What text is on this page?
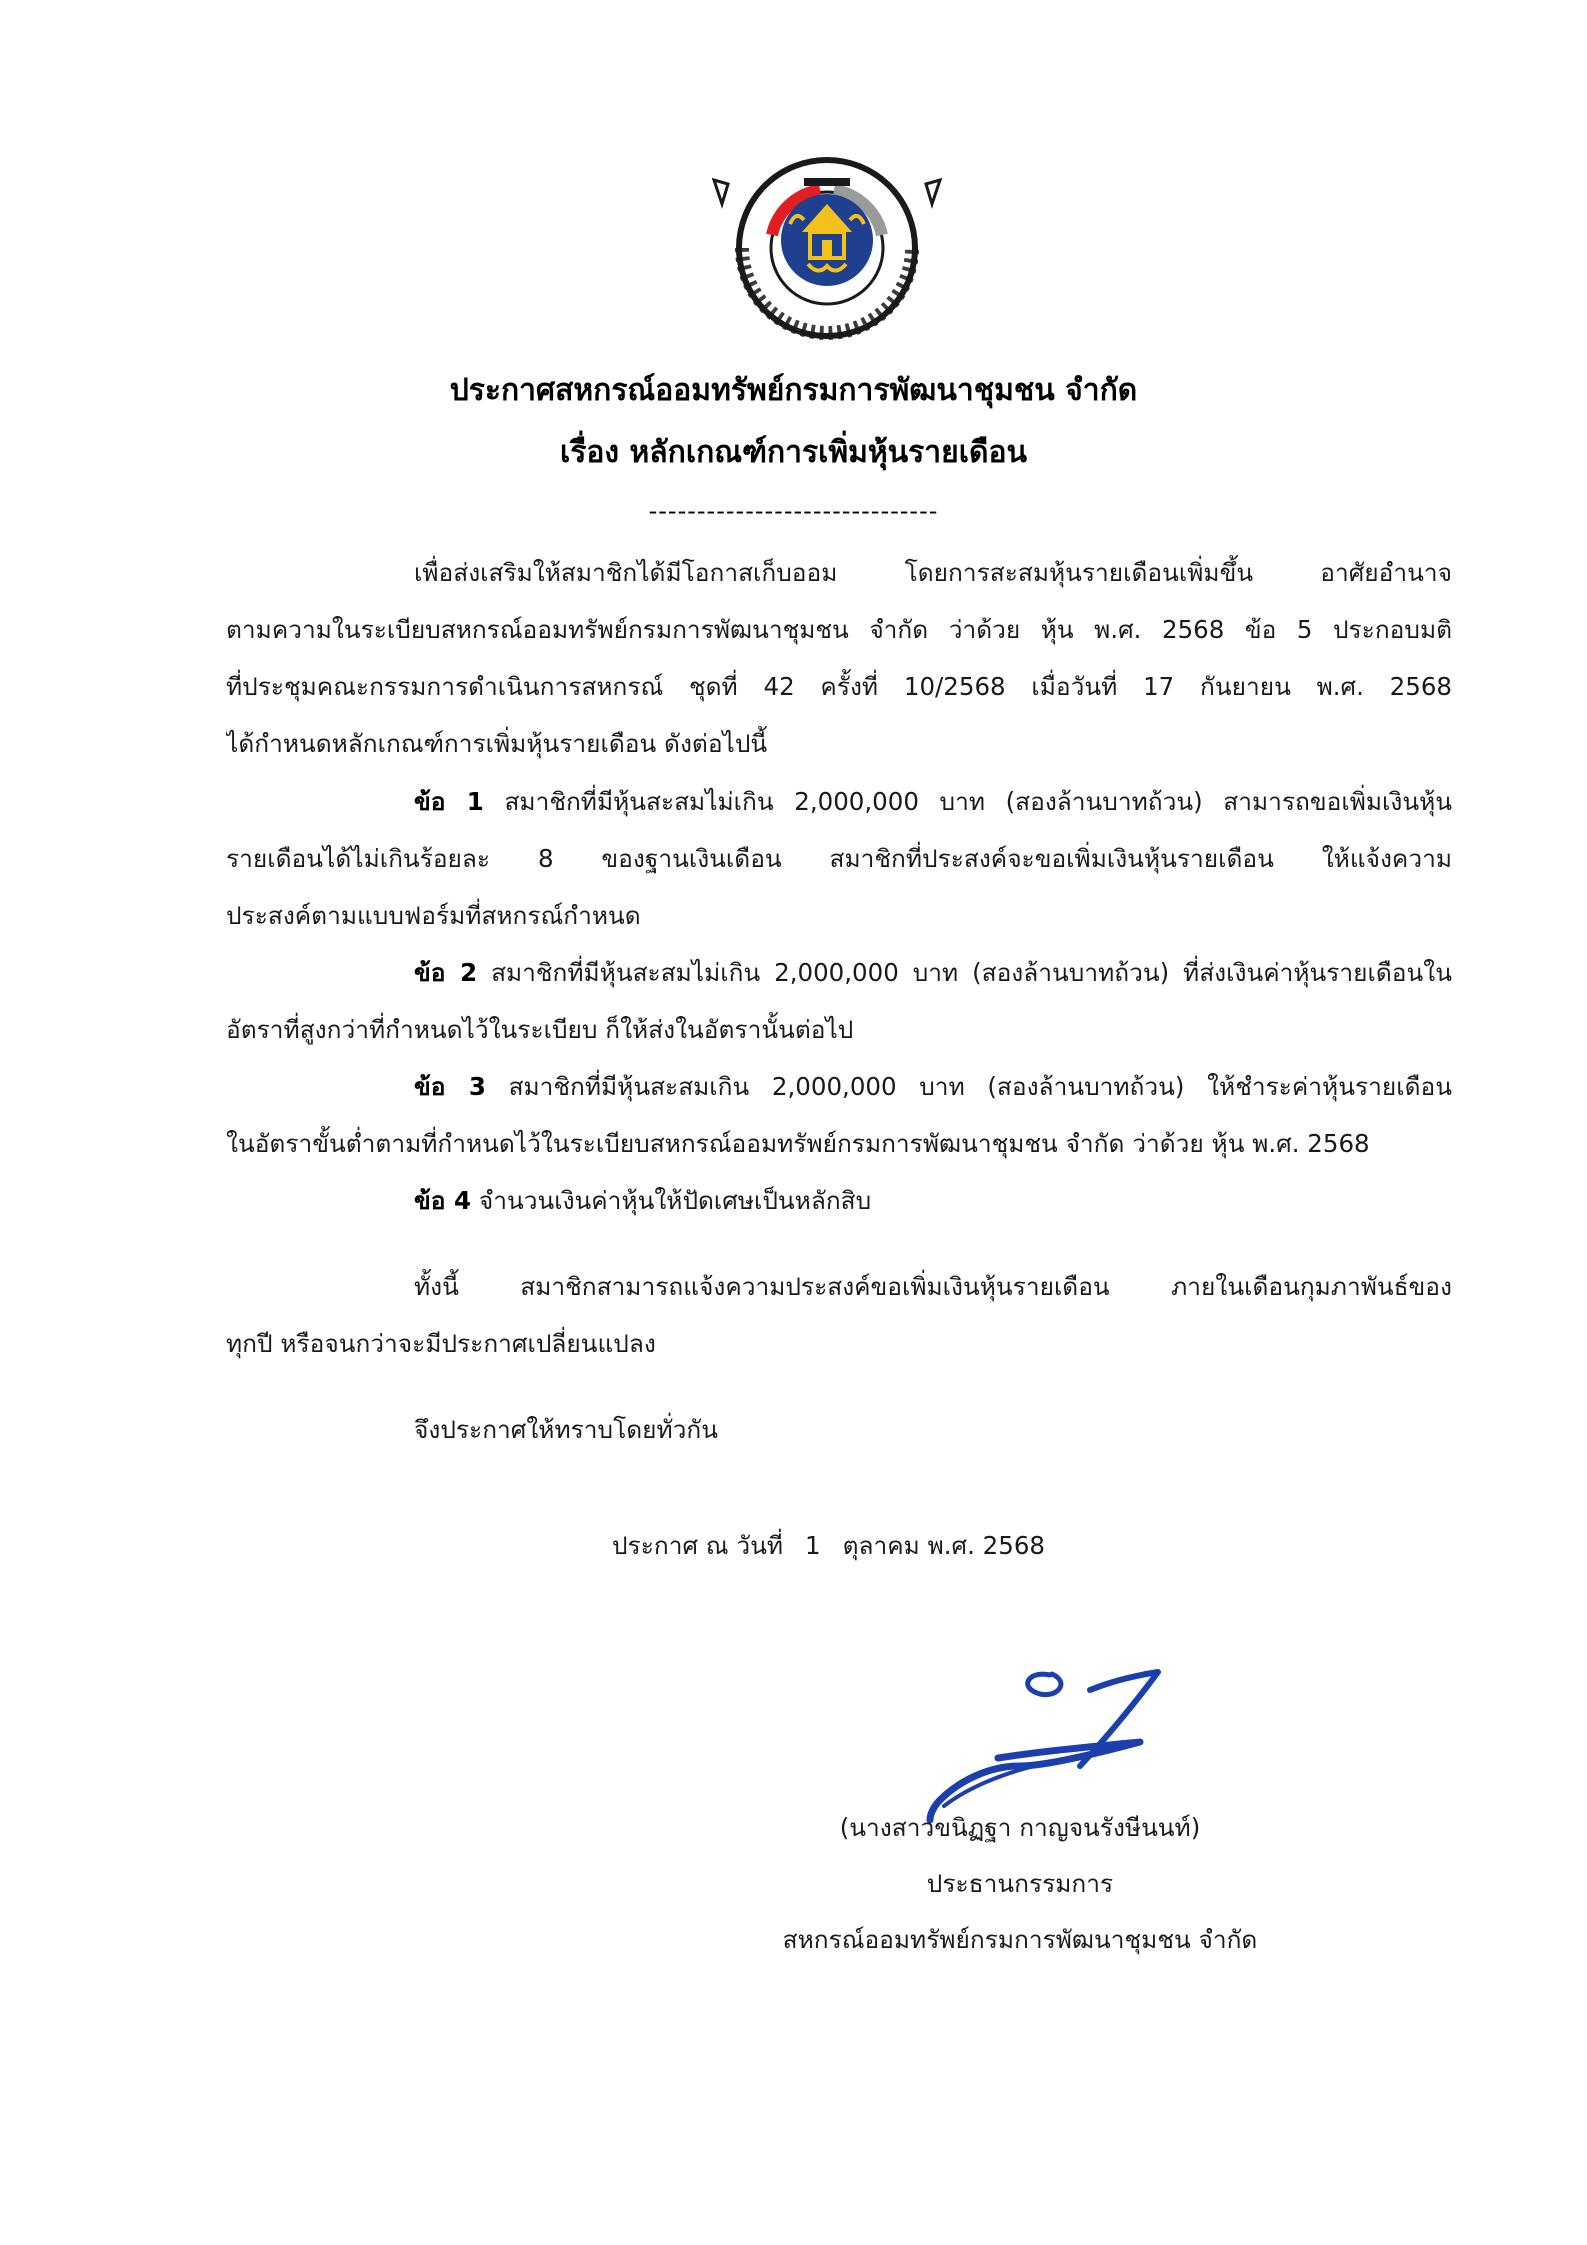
ประกาศสหกรณ์ออมทรัพย์กรมการพัฒนาชุมชน จำกัด
เรื่อง หลักเกณฑ์การเพิ่มหุ้นรายเดือน
------------------------------
เพื่อส่งเสริมให้สมาชิกได้มีโอกาสเก็บออม โดยการสะสมหุ้นรายเดือนเพิ่มขึ้น อาศัยอำนาจ
ตามความในระเบียบสหกรณ์ออมทรัพย์กรมการพัฒนาชุมชน จำกัด ว่าด้วย หุ้น พ.ศ. 2568 ข้อ 5 ประกอบมติ
ที่ประชุมคณะกรรมการดำเนินการสหกรณ์ ชุดที่ 42 ครั้งที่ 10/2568 เมื่อวันที่ 17 กันยายน พ.ศ. 2568
ได้กำหนดหลักเกณฑ์การเพิ่มหุ้นรายเดือน ดังต่อไปนี้
ข้อ 1 สมาชิกที่มีหุ้นสะสมไม่เกิน 2,000,000 บาท (สองล้านบาทถ้วน) สามารถขอเพิ่มเงินหุ้น
รายเดือนได้ไม่เกินร้อยละ 8 ของฐานเงินเดือน สมาชิกที่ประสงค์จะขอเพิ่มเงินหุ้นรายเดือน ให้แจ้งความ
ประสงค์ตามแบบฟอร์มที่สหกรณ์กำหนด
ข้อ 2 สมาชิกที่มีหุ้นสะสมไม่เกิน 2,000,000 บาท (สองล้านบาทถ้วน) ที่ส่งเงินค่าหุ้นรายเดือนใน
อัตราที่สูงกว่าที่กำหนดไว้ในระเบียบ ก็ให้ส่งในอัตรานั้นต่อไป
ข้อ 3 สมาชิกที่มีหุ้นสะสมเกิน 2,000,000 บาท (สองล้านบาทถ้วน) ให้ชำระค่าหุ้นรายเดือน
ในอัตราขั้นต่ำตามที่กำหนดไว้ในระเบียบสหกรณ์ออมทรัพย์กรมการพัฒนาชุมชน จำกัด ว่าด้วย หุ้น พ.ศ. 2568
ข้อ 4 จำนวนเงินค่าหุ้นให้ปัดเศษเป็นหลักสิบ
ทั้งนี้ สมาชิกสามารถแจ้งความประสงค์ขอเพิ่มเงินหุ้นรายเดือน ภายในเดือนกุมภาพันธ์ของ
ทุกปี หรือจนกว่าจะมีประกาศเปลี่ยนแปลง
จึงประกาศให้ทราบโดยทั่วกัน
ประกาศ ณ วันที่ 1 ตุลาคม พ.ศ. 2568
(นางสาวขนิฏฐา กาญจนรังษีนนท์)
ประธานกรรมการ
สหกรณ์ออมทรัพย์กรมการพัฒนาชุมชน จำกัด
